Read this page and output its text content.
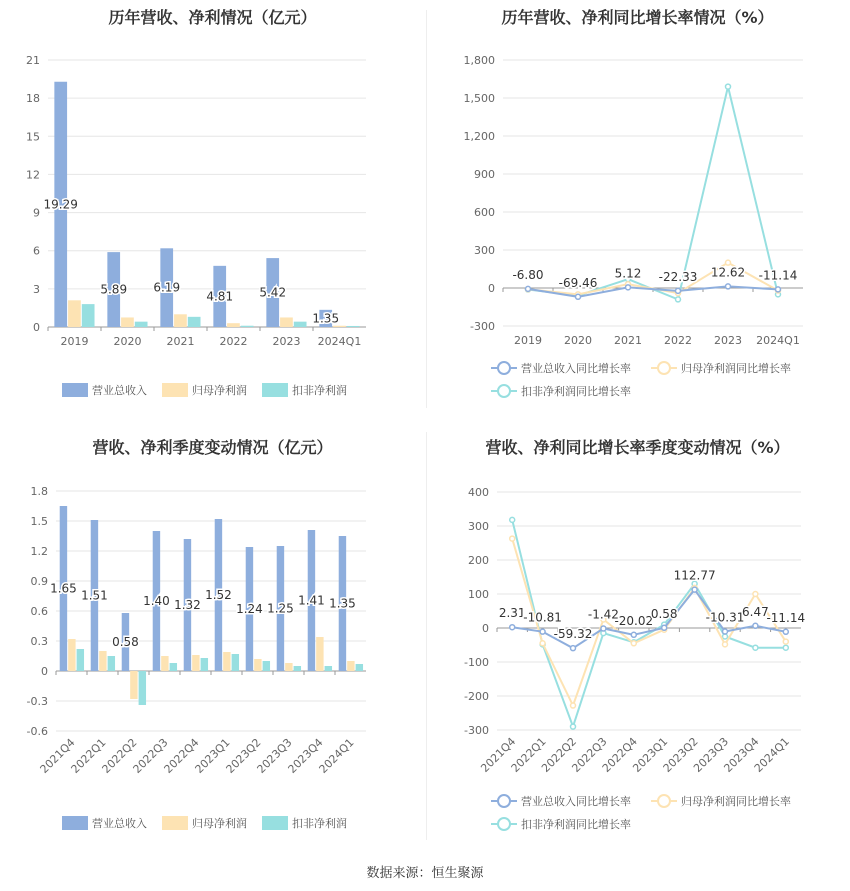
历年营收、净利情况（亿元）
0
3
6
9
12
15
18
21
2019 2020 2021 2022 2023 2024Q1
19.29
5.89 6.19
4.81 5.42
1.35
营业总收入	归母净利润	扣非净利润
历年营收、净利同比增长率情况（%）
-300
0
300
600
900
1,200
1,500
1,800
2019 2020 2021 2022 2023 2024Q1
-6.80
-69.46
5.12 -22.33 12.62 -11.14
营业总收入同比增长率	归母净利润同比增长率
扣非净利润同比增长率
营收、净利季度变动情况（亿元）
-0.6
-0.3
0
0.3
0.6
0.9
1.2
1.5
1.8
2021Q4
2022Q1
2022Q2
2022Q3
2022Q4
2023Q1
2023Q2
2023Q3
2023Q4
2024Q1
1.65 1.51
0.58
1.40 1.32
1.52
1.24 1.25
1.41 1.35
营业总收入	归母净利润	扣非净利润
营收、净利同比增长率季度变动情况（%）
-300
-200
-100
0
100
200
300
400
2021Q4
2022Q1
2022Q2
2022Q3
2022Q4
2023Q1
2023Q2
2023Q3
2023Q4
2024Q1
2.31
-10.81
-59.32
-1.42
-20.02
0.58
112.77
-10.31
6.47
-11.14
营业总收入同比增长率	归母净利润同比增长率
扣非净利润同比增长率
数据来源：恒生聚源
